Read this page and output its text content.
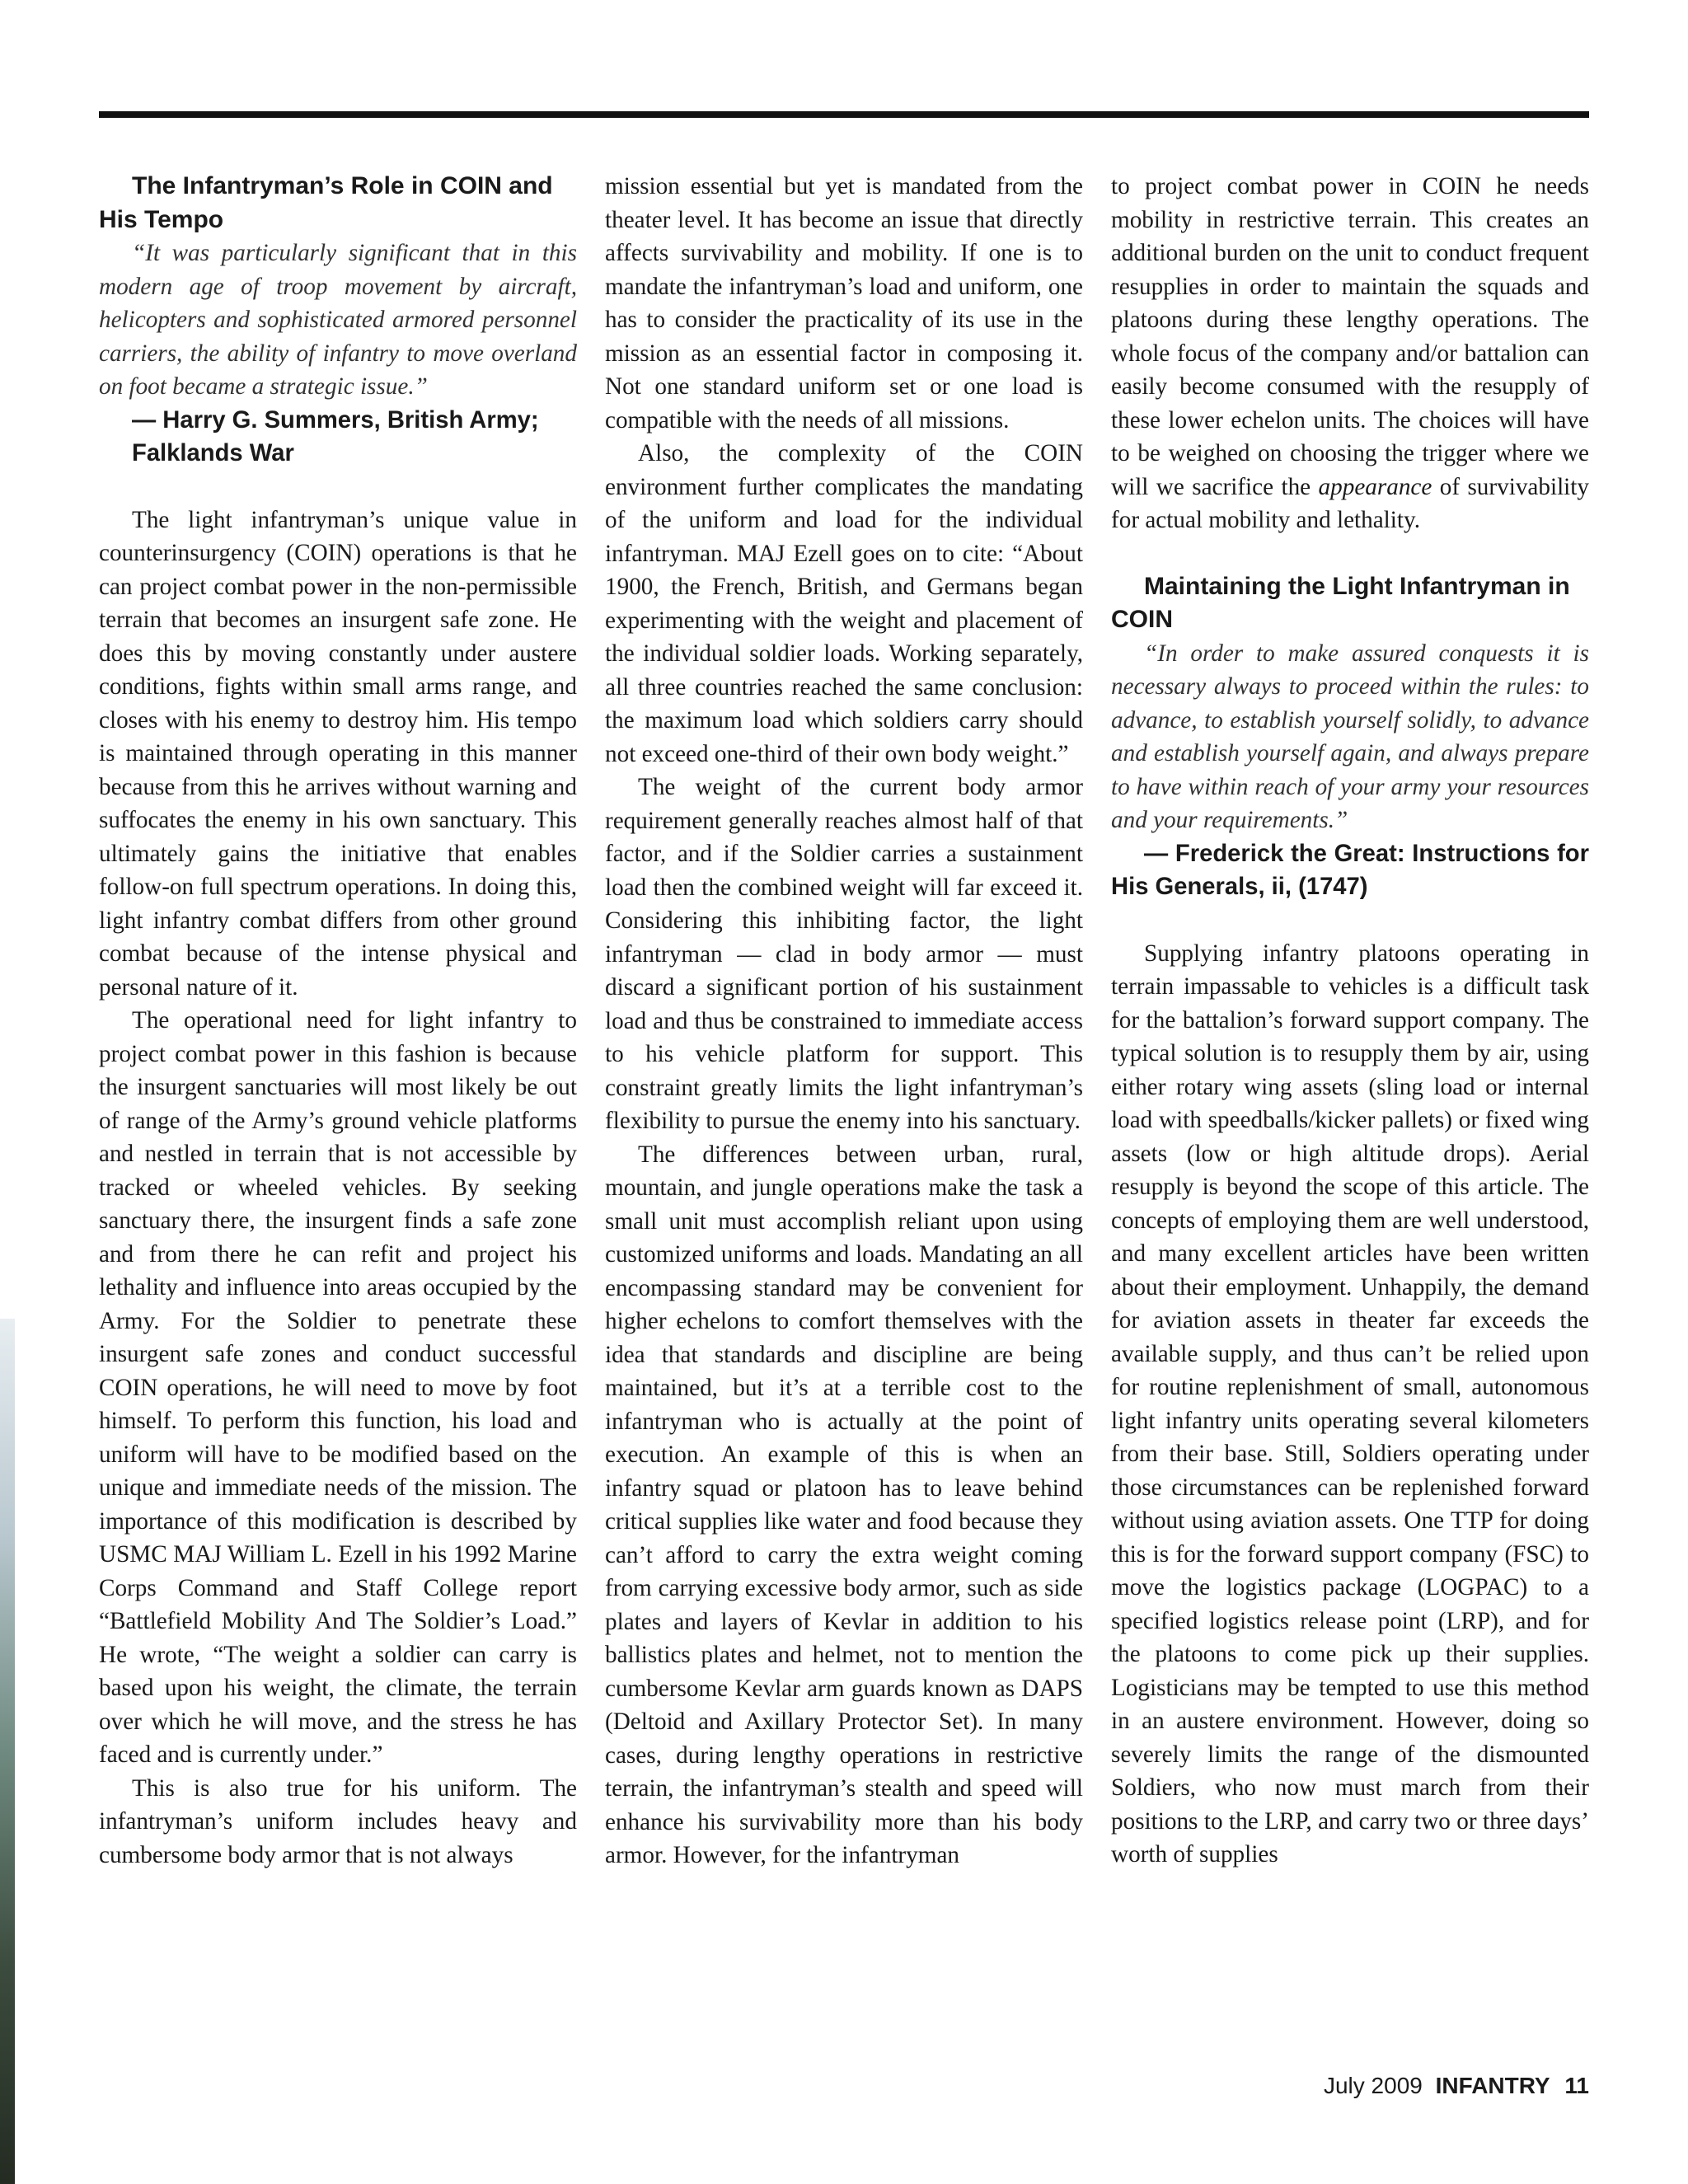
The Infantryman’s Role in COIN and His Tempo

“It was particularly significant that in this modern age of troop movement by aircraft, helicopters and sophisticated armored personnel carriers, the ability of infantry to move overland on foot became a strategic issue.”

— Harry G. Summers, British Army;

Falklands War

The light infantryman’s unique value in counterinsurgency (COIN) operations is that he can project combat power in the non-permissible terrain that becomes an insurgent safe zone. He does this by moving constantly under austere conditions, fights within small arms range, and closes with his enemy to destroy him. His tempo is maintained through operating in this manner because from this he arrives without warning and suffocates the enemy in his own sanctuary. This ultimately gains the initiative that enables follow-on full spectrum operations. In doing this, light infantry combat differs from other ground combat because of the intense physical and personal nature of it.

The operational need for light infantry to project combat power in this fashion is because the insurgent sanctuaries will most likely be out of range of the Army’s ground vehicle platforms and nestled in terrain that is not accessible by tracked or wheeled vehicles. By seeking sanctuary there, the insurgent finds a safe zone and from there he can refit and project his lethality and influence into areas occupied by the Army. For the Soldier to penetrate these insurgent safe zones and conduct successful COIN operations, he will need to move by foot himself. To perform this function, his load and uniform will have to be modified based on the unique and immediate needs of the mission. The importance of this modification is described by USMC MAJ William L. Ezell in his 1992 Marine Corps Command and Staff College report “Battlefield Mobility And The Soldier’s Load.” He wrote, “The weight a soldier can carry is based upon his weight, the climate, the terrain over which he will move, and the stress he has faced and is currently under.”

This is also true for his uniform. The infantryman’s uniform includes heavy and cumbersome body armor that is not always

mission essential but yet is mandated from the theater level. It has become an issue that directly affects survivability and mobility. If one is to mandate the infantryman’s load and uniform, one has to consider the practicality of its use in the mission as an essential factor in composing it. Not one standard uniform set or one load is compatible with the needs of all missions.

Also, the complexity of the COIN environment further complicates the mandating of the uniform and load for the individual infantryman. MAJ Ezell goes on to cite: “About 1900, the French, British, and Germans began experimenting with the weight and placement of the individual soldier loads. Working separately, all three countries reached the same conclusion: the maximum load which soldiers carry should not exceed one-third of their own body weight.”

The weight of the current body armor requirement generally reaches almost half of that factor, and if the Soldier carries a sustainment load then the combined weight will far exceed it. Considering this inhibiting factor, the light infantryman — clad in body armor — must discard a significant portion of his sustainment load and thus be constrained to immediate access to his vehicle platform for support. This constraint greatly limits the light infantryman’s flexibility to pursue the enemy into his sanctuary.

The differences between urban, rural, mountain, and jungle operations make the task a small unit must accomplish reliant upon using customized uniforms and loads. Mandating an all encompassing standard may be convenient for higher echelons to comfort themselves with the idea that standards and discipline are being maintained, but it’s at a terrible cost to the infantryman who is actually at the point of execution. An example of this is when an infantry squad or platoon has to leave behind critical supplies like water and food because they can’t afford to carry the extra weight coming from carrying excessive body armor, such as side plates and layers of Kevlar in addition to his ballistics plates and helmet, not to mention the cumbersome Kevlar arm guards known as DAPS (Deltoid and Axillary Protector Set). In many cases, during lengthy operations in restrictive terrain, the infantryman’s stealth and speed will enhance his survivability more than his body armor. However, for the infantryman

to project combat power in COIN he needs mobility in restrictive terrain. This creates an additional burden on the unit to conduct frequent resupplies in order to maintain the squads and platoons during these lengthy operations. The whole focus of the company and/or battalion can easily become consumed with the resupply of these lower echelon units. The choices will have to be weighed on choosing the trigger where we will we sacrifice the appearance of survivability for actual mobility and lethality.

Maintaining the Light Infantryman in COIN

“In order to make assured conquests it is necessary always to proceed within the rules: to advance, to establish yourself solidly, to advance and establish yourself again, and always prepare to have within reach of your army your resources and your requirements.”

— Frederick the Great: Instructions for His Generals, ii, (1747)

Supplying infantry platoons operating in terrain impassable to vehicles is a difficult task for the battalion’s forward support company. The typical solution is to resupply them by air, using either rotary wing assets (sling load or internal load with speedballs/kicker pallets) or fixed wing assets (low or high altitude drops). Aerial resupply is beyond the scope of this article. The concepts of employing them are well understood, and many excellent articles have been written about their employment. Unhappily, the demand for aviation assets in theater far exceeds the available supply, and thus can’t be relied upon for routine replenishment of small, autonomous light infantry units operating several kilometers from their base. Still, Soldiers operating under those circumstances can be replenished forward without using aviation assets. One TTP for doing this is for the forward support company (FSC) to move the logistics package (LOGPAC) to a specified logistics release point (LRP), and for the platoons to come pick up their supplies. Logisticians may be tempted to use this method in an austere environment. However, doing so severely limits the range of the dismounted Soldiers, who now must march from their positions to the LRP, and carry two or three days’ worth of supplies

July 2009 INFANTRY 11
